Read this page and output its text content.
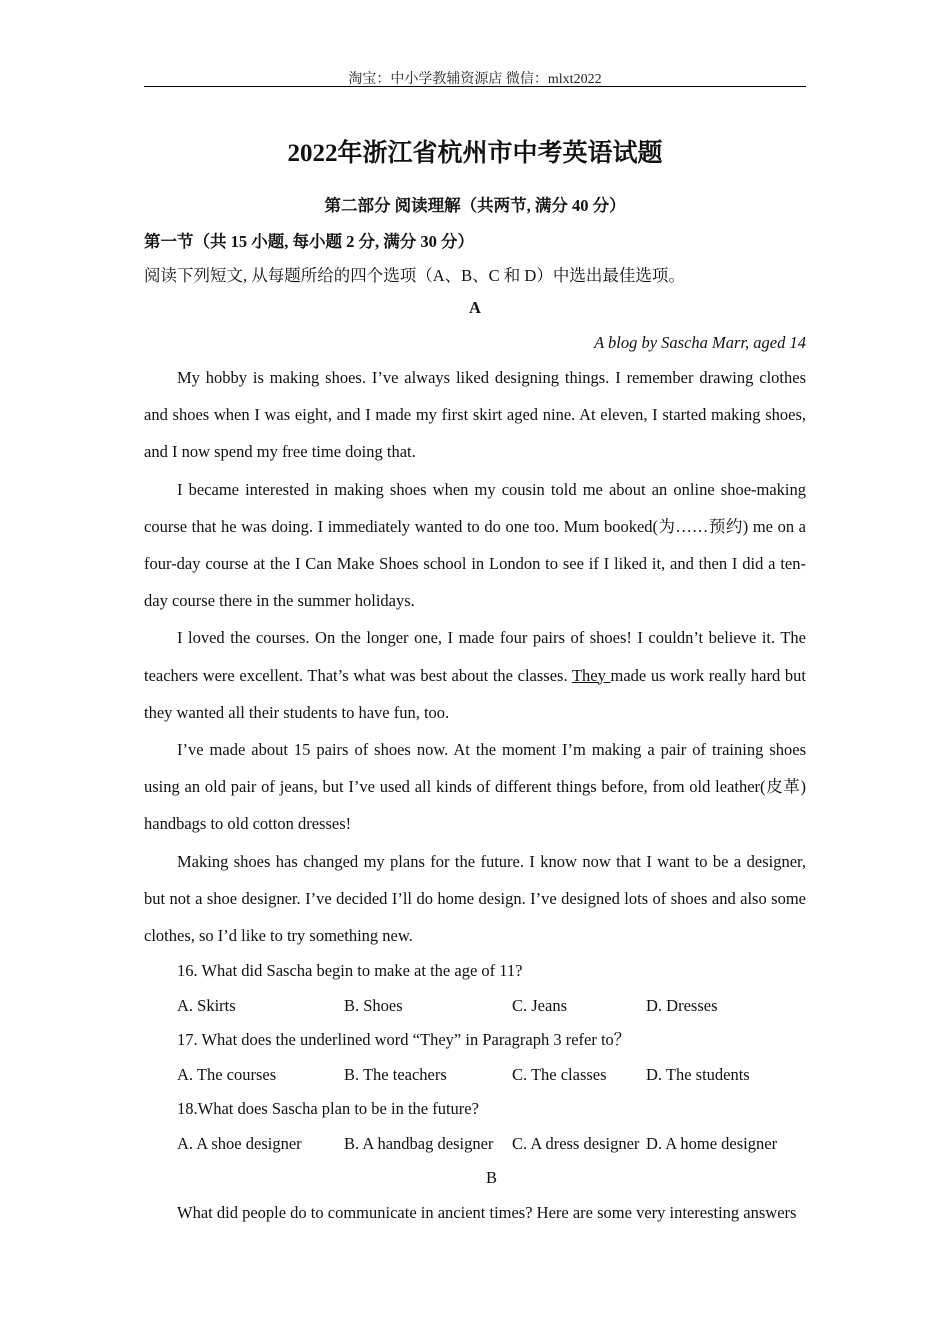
淘宝：中小学教辅资源店 微信：mlxt2022
2022年浙江省杭州市中考英语试题
第二部分 阅读理解（共两节, 满分 40 分）
第一节（共 15 小题, 每小题 2 分, 满分 30 分）
阅读下列短文, 从每题所给的四个选项（A、B、C 和 D）中选出最佳选项。
A
A blog by Sascha Marr, aged 14

My hobby is making shoes. I’ve always liked designing things. I remember drawing clothes and shoes when I was eight, and I made my first skirt aged nine. At eleven, I started making shoes, and I now spend my free time doing that.

I became interested in making shoes when my cousin told me about an online shoe-making course that he was doing. I immediately wanted to do one too. Mum booked(为……预约) me on a four-day course at the I Can Make Shoes school in London to see if I liked it, and then I did a ten-day course there in the summer holidays.

I loved the courses. On the longer one, I made four pairs of shoes! I couldn’t believe it. The teachers were excellent. That’s what was best about the classes. They made us work really hard but they wanted all their students to have fun, too.

I’ve made about 15 pairs of shoes now. At the moment I’m making a pair of training shoes using an old pair of jeans, but I’ve used all kinds of different things before, from old leather(皮革) handbags to old cotton dresses!

Making shoes has changed my plans for the future. I know now that I want to be a designer, but not a shoe designer. I’ve decided I’ll do home design. I’ve designed lots of shoes and also some clothes, so I’d like to try something new.

16. What did Sascha begin to make at the age of 11?

A. Skirts	B. Shoes	C. Jeans	D. Dresses

17. What does the underlined word “They” in Paragraph 3 refer to？

A. The courses	B. The teachers	C. The classes	D. The students

18.What does Sascha plan to be in the future?

A. A shoe designer	B. A handbag designer	C. A dress designer D. A home designer
B

What did people do to communicate in ancient times? Here are some very interesting answers
